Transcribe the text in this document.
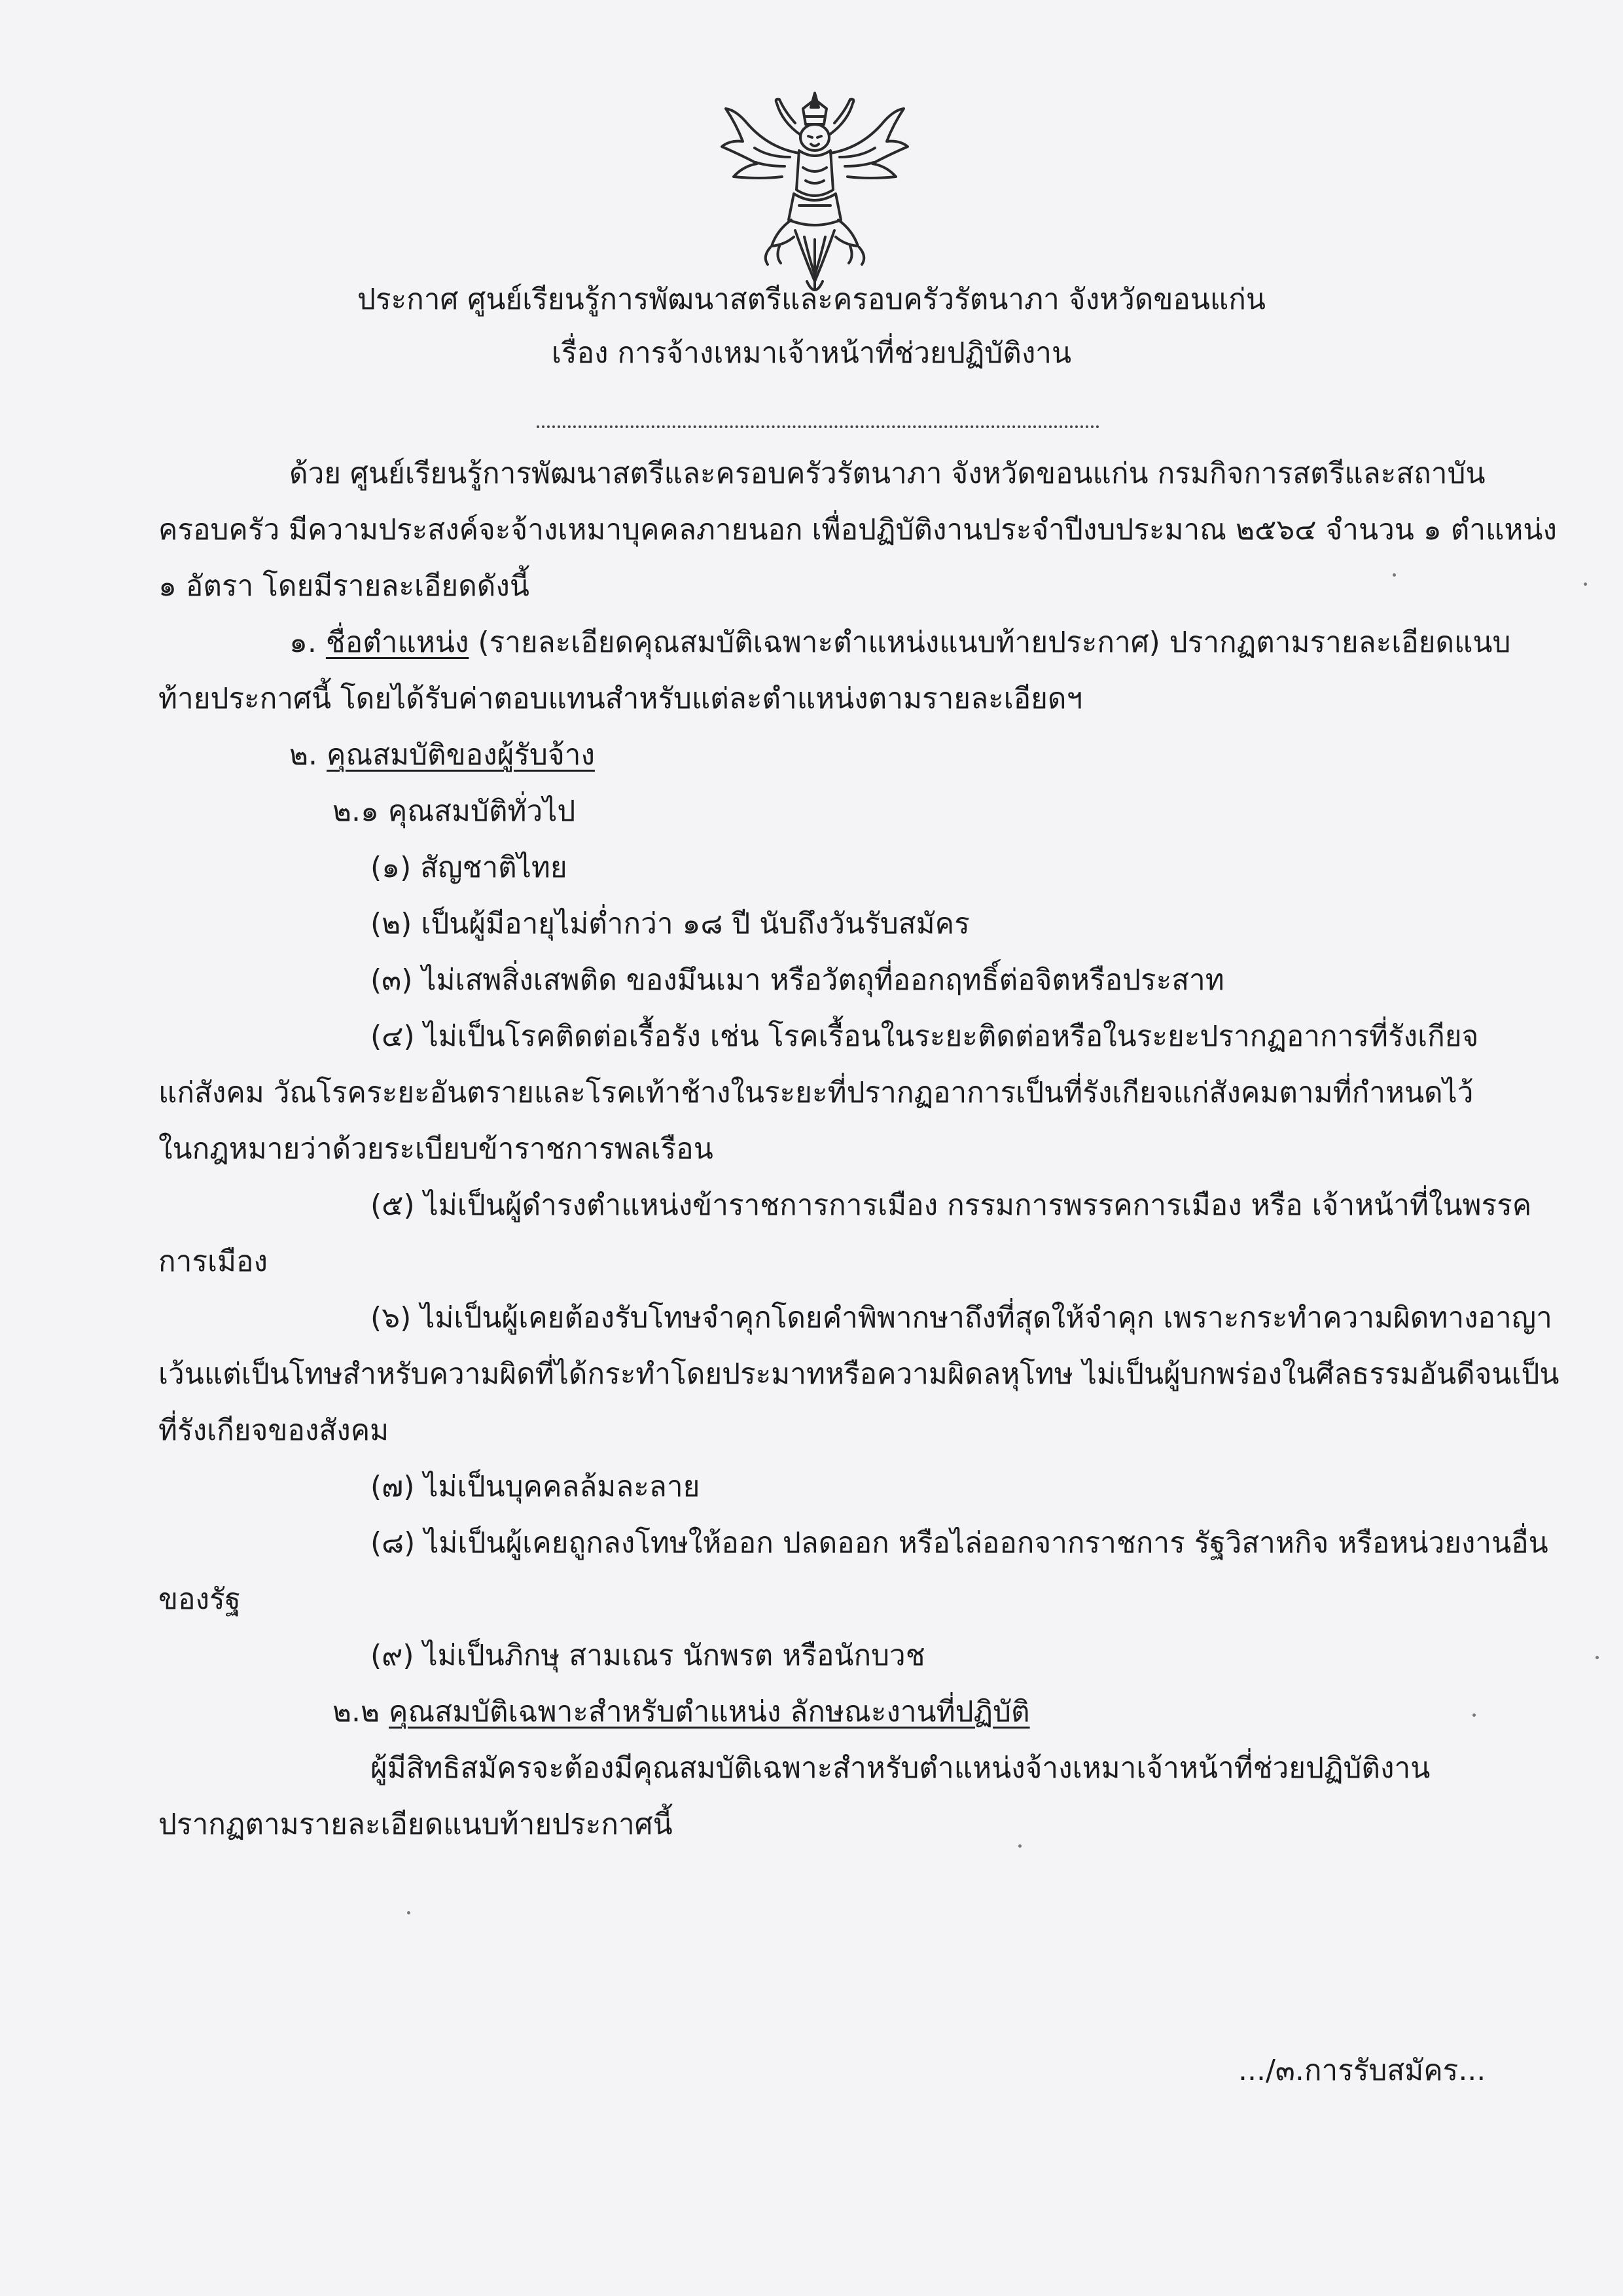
ประกาศ ศูนย์เรียนรู้การพัฒนาสตรีและครอบครัวรัตนาภา จังหวัดขอนแก่น
เรื่อง การจ้างเหมาเจ้าหน้าที่ช่วยปฏิบัติงาน
ด้วย ศูนย์เรียนรู้การพัฒนาสตรีและครอบครัวรัตนาภา จังหวัดขอนแก่น กรมกิจการสตรีและสถาบัน
ครอบครัว มีความประสงค์จะจ้างเหมาบุคคลภายนอก เพื่อปฏิบัติงานประจำปีงบประมาณ ๒๕๖๔ จำนวน ๑ ตำแหน่ง
๑ อัตรา โดยมีรายละเอียดดังนี้
๑. ชื่อตำแหน่ง (รายละเอียดคุณสมบัติเฉพาะตำแหน่งแนบท้ายประกาศ) ปรากฏตามรายละเอียดแนบ
ท้ายประกาศนี้ โดยได้รับค่าตอบแทนสำหรับแต่ละตำแหน่งตามรายละเอียดฯ
๒. คุณสมบัติของผู้รับจ้าง
๒.๑ คุณสมบัติทั่วไป
(๑) สัญชาติไทย
(๒) เป็นผู้มีอายุไม่ต่ำกว่า ๑๘ ปี นับถึงวันรับสมัคร
(๓) ไม่เสพสิ่งเสพติด ของมึนเมา หรือวัตถุที่ออกฤทธิ์ต่อจิตหรือประสาท
(๔) ไม่เป็นโรคติดต่อเรื้อรัง เช่น โรคเรื้อนในระยะติดต่อหรือในระยะปรากฏอาการที่รังเกียจ
แก่สังคม วัณโรคระยะอันตรายและโรคเท้าช้างในระยะที่ปรากฏอาการเป็นที่รังเกียจแก่สังคมตามที่กำหนดไว้
ในกฎหมายว่าด้วยระเบียบข้าราชการพลเรือน
(๕) ไม่เป็นผู้ดำรงตำแหน่งข้าราชการการเมือง กรรมการพรรคการเมือง หรือ เจ้าหน้าที่ในพรรค
การเมือง
(๖) ไม่เป็นผู้เคยต้องรับโทษจำคุกโดยคำพิพากษาถึงที่สุดให้จำคุก เพราะกระทำความผิดทางอาญา
เว้นแต่เป็นโทษสำหรับความผิดที่ได้กระทำโดยประมาทหรือความผิดลหุโทษ ไม่เป็นผู้บกพร่องในศีลธรรมอันดีจนเป็น
ที่รังเกียจของสังคม
(๗) ไม่เป็นบุคคลล้มละลาย
(๘) ไม่เป็นผู้เคยถูกลงโทษให้ออก ปลดออก หรือไล่ออกจากราชการ รัฐวิสาหกิจ หรือหน่วยงานอื่น
ของรัฐ
(๙) ไม่เป็นภิกษุ สามเณร นักพรต หรือนักบวช
๒.๒ คุณสมบัติเฉพาะสำหรับตำแหน่ง ลักษณะงานที่ปฏิบัติ
ผู้มีสิทธิสมัครจะต้องมีคุณสมบัติเฉพาะสำหรับตำแหน่งจ้างเหมาเจ้าหน้าที่ช่วยปฏิบัติงาน
ปรากฏตามรายละเอียดแนบท้ายประกาศนี้
.../๓.การรับสมัคร...
